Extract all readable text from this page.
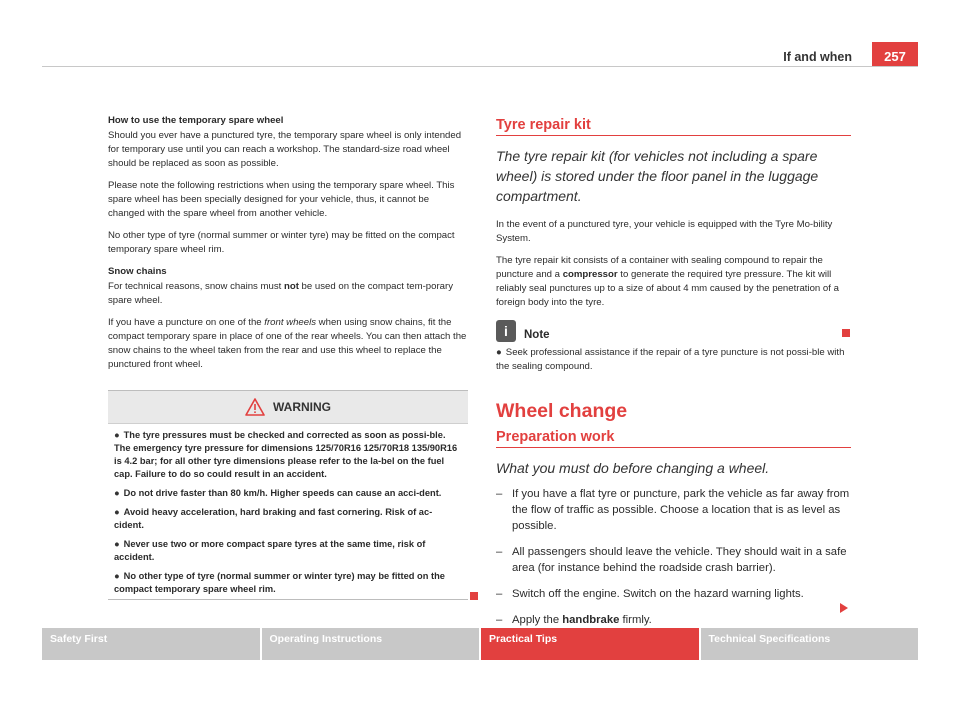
If and when	257

How to use the temporary spare wheel

Should you ever have a punctured tyre, the temporary spare wheel is only intended for temporary use until you can reach a workshop. The standard-size road wheel should be replaced as soon as possible.

Please note the following restrictions when using the temporary spare wheel. This spare wheel has been specially designed for your vehicle, thus, it cannot be changed with the spare wheel from another vehicle.

No other type of tyre (normal summer or winter tyre) may be fitted on the compact temporary spare wheel rim.

Snow chains

For technical reasons, snow chains must not be used on the compact tem-porary spare wheel.

If you have a puncture on one of the front wheels when using snow chains, fit the compact temporary spare in place of one of the rear wheels. You can then attach the snow chains to the wheel taken from the rear and use this wheel to replace the punctured front wheel.

WARNING
● The tyre pressures must be checked and corrected as soon as possi-ble. The emergency tyre pressure for dimensions 125/70R16 125/70R18 135/90R16 is 4.2 bar; for all other tyre dimensions please refer to the la-bel on the fuel cap. Failure to do so could result in an accident.
● Do not drive faster than 80 km/h. Higher speeds can cause an acci-dent.
● Avoid heavy acceleration, hard braking and fast cornering. Risk of ac-cident.
● Never use two or more compact spare tyres at the same time, risk of accident.
● No other type of tyre (normal summer or winter tyre) may be fitted on the compact temporary spare wheel rim.

Tyre repair kit

The tyre repair kit (for vehicles not including a spare wheel) is stored under the floor panel in the luggage compartment.

In the event of a punctured tyre, your vehicle is equipped with the Tyre Mo-bility System.

The tyre repair kit consists of a container with sealing compound to repair the puncture and a compressor to generate the required tyre pressure. The kit will reliably seal punctures up to a size of about 4 mm caused by the penetration of a foreign body into the tyre.

i	Note

● Seek professional assistance if the repair of a tyre puncture is not possi-ble with the sealing compound.

Wheel change

Preparation work

What you must do before changing a wheel.

– If you have a flat tyre or puncture, park the vehicle as far away from the flow of traffic as possible. Choose a location that is as level as possible.
– All passengers should leave the vehicle. They should wait in a safe area (for instance behind the roadside crash barrier).
– Switch off the engine. Switch on the hazard warning lights.
– Apply the handbrake firmly.
Safety First	Operating Instructions	Practical Tips	Technical Specifications
